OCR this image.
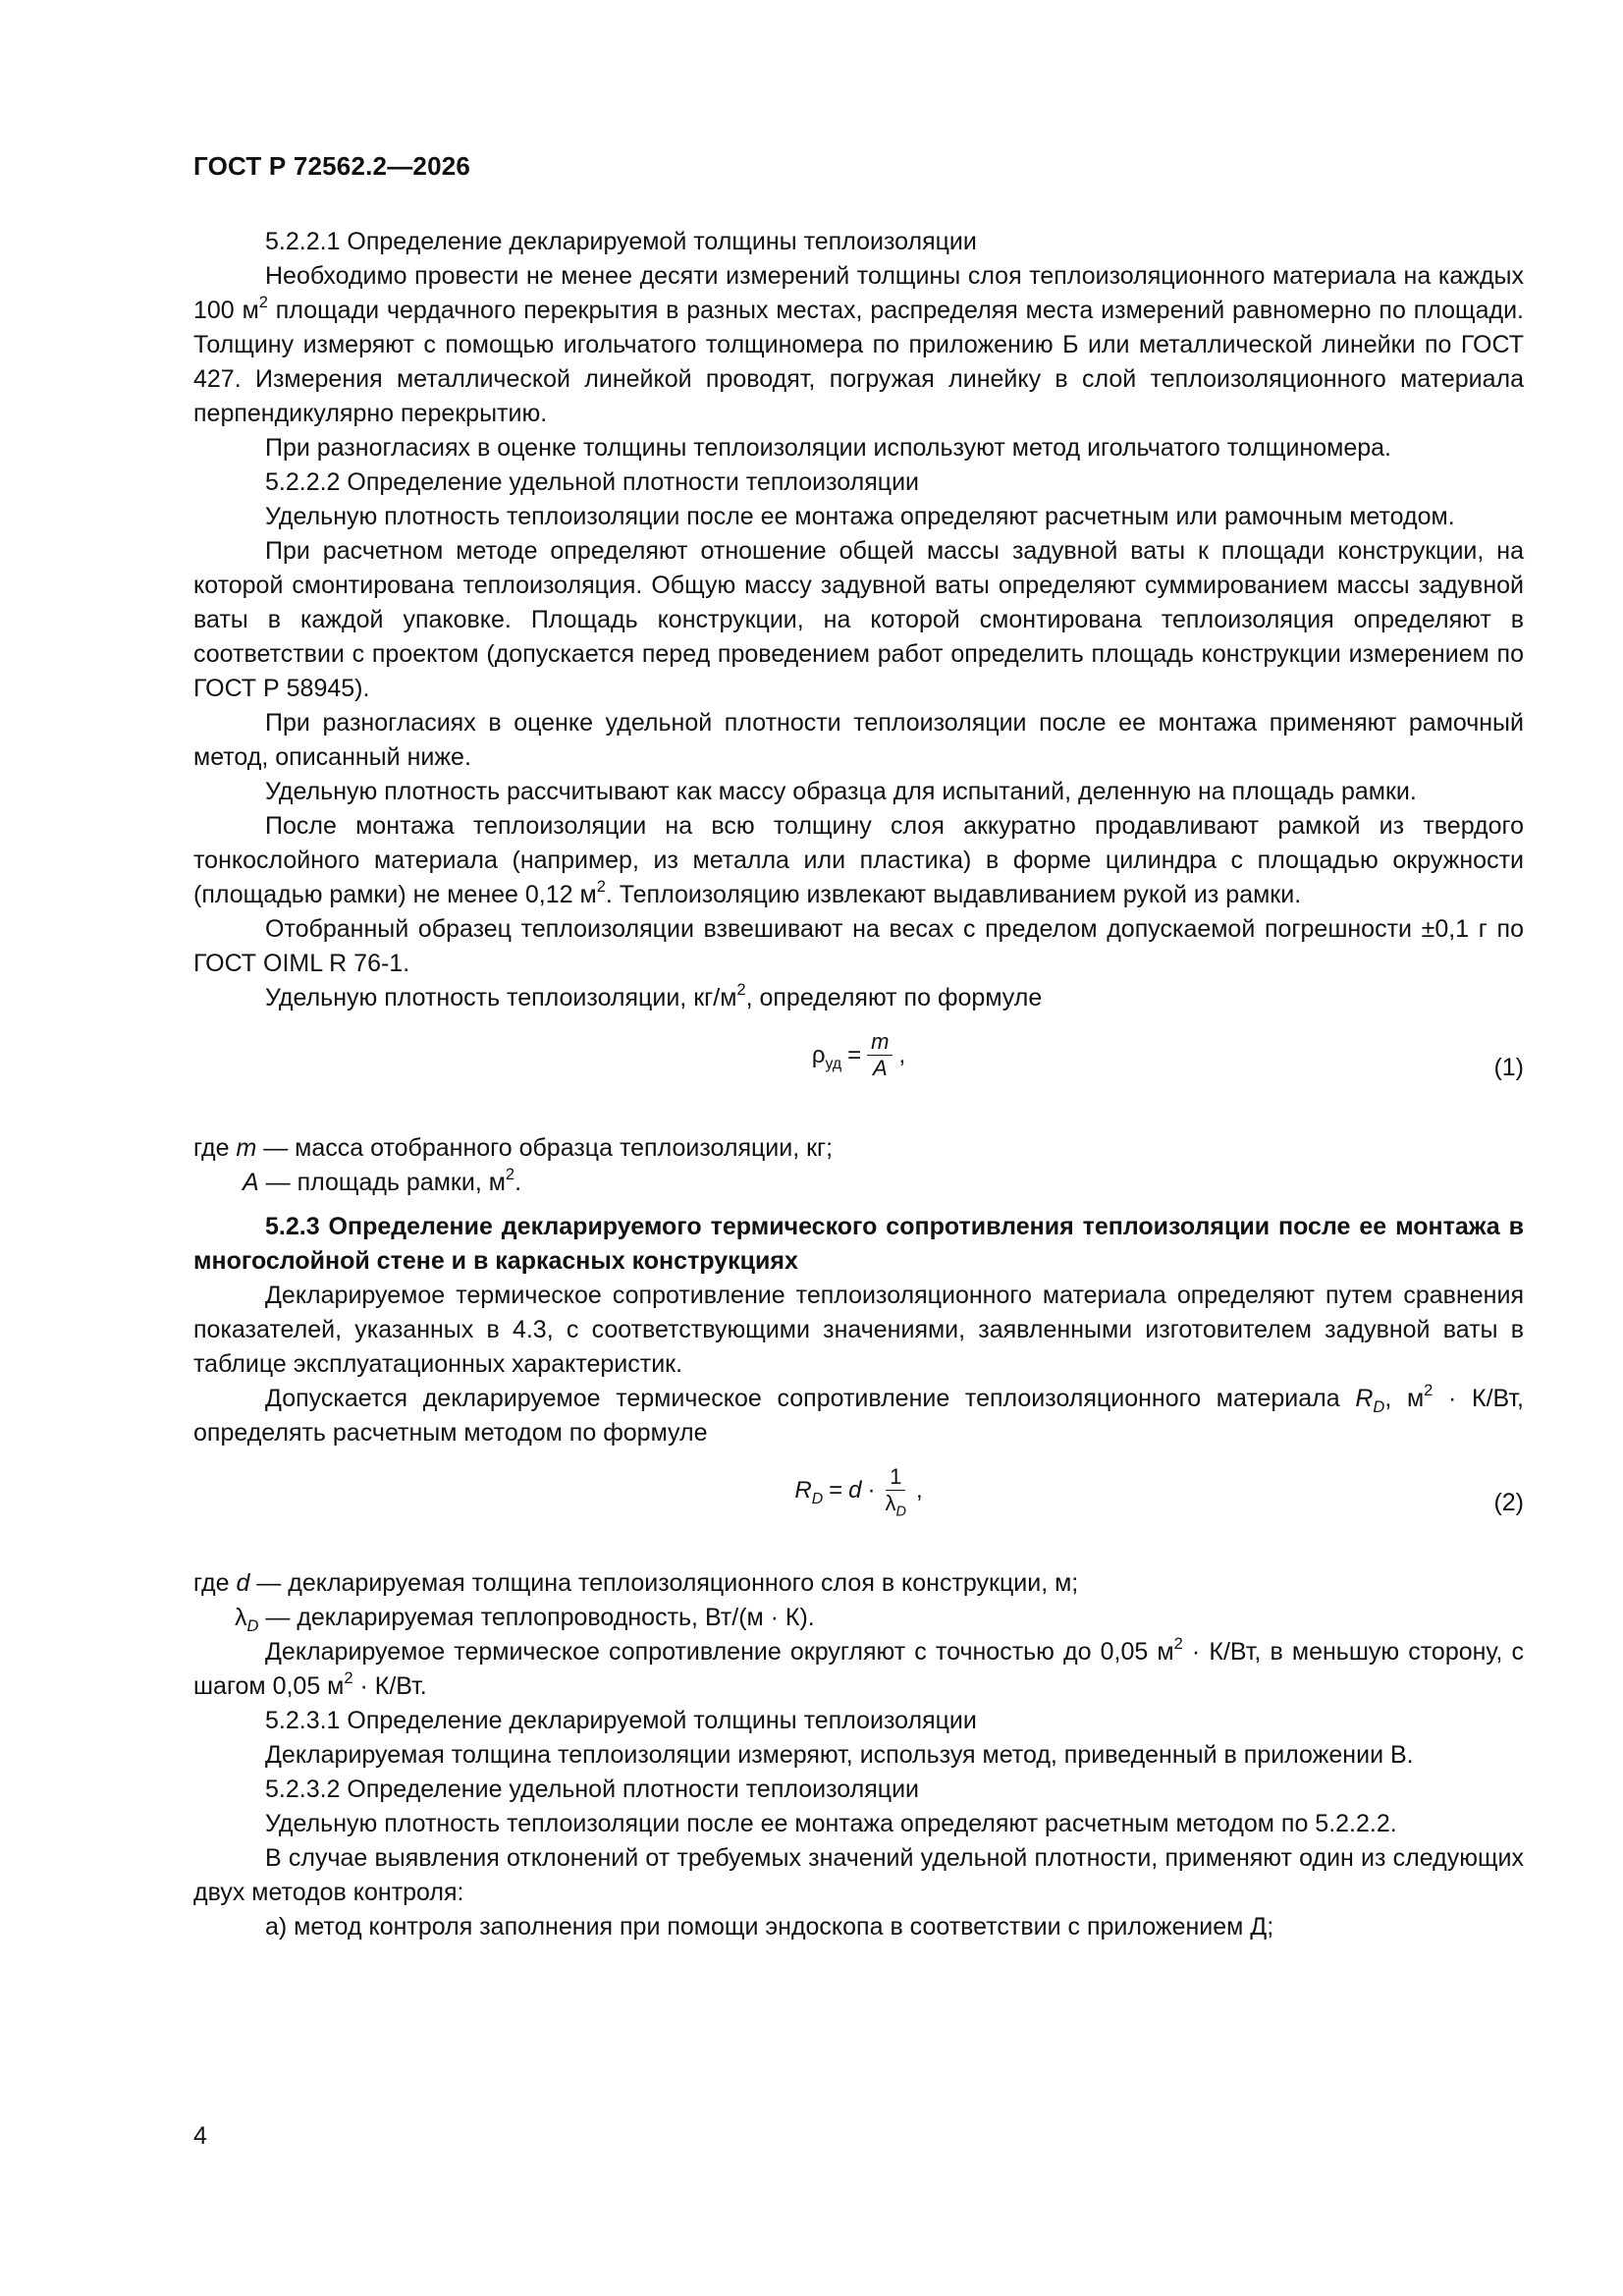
ГОСТ Р 72562.2—2026

5.2.2.1 Определение декларируемой толщины теплоизоляции

Необходимо провести не менее десяти измерений толщины слоя теплоизоляционного материала на каждых 100 $м^2$ площади чердачного перекрытия в разных местах, распределяя места измерений равномерно по площади. Толщину измеряют с помощью игольчатого толщиномера по приложению Б или металлической линейки по ГОСТ 427. Измерения металлической линейкой проводят, погружая линейку в слой теплоизоляционного материала перпендикулярно перекрытию.

При разногласиях в оценке толщины теплоизоляции используют метод игольчатого толщиномера.

5.2.2.2 Определение удельной плотности теплоизоляции

Удельную плотность теплоизоляции после ее монтажа определяют расчетным или рамочным методом.

При расчетном методе определяют отношение общей массы задувной ваты к площади конструкции, на которой смонтирована теплоизоляция. Общую массу задувной ваты определяют суммированием массы задувной ваты в каждой упаковке. Площадь конструкции, на которой смонтирована теплоизоляция определяют в соответствии с проектом (допускается перед проведением работ определить площадь конструкции измерением по ГОСТ Р 58945).

При разногласиях в оценке удельной плотности теплоизоляции после ее монтажа применяют рамочный метод, описанный ниже.

Удельную плотность рассчитывают как массу образца для испытаний, деленную на площадь рамки.

После монтажа теплоизоляции на всю толщину слоя аккуратно продавливают рамкой из твердого тонкослойного материала (например, из металла или пластика) в форме цилиндра с площадью окружности (площадью рамки) не менее 0,12 $м^2$. Теплоизоляцию извлекают выдавливанием рукой из рамки.

Отобранный образец теплоизоляции взвешивают на весах с пределом допускаемой погрешности ±0,1 г по ГОСТ OIML R 76-1.

Удельную плотность теплоизоляции, $кг/м^2$, определяют по формуле

$\rho_{уд} = \frac{m}{A}$ ,	(1)

где m — масса отобранного образца теплоизоляции, кг;

A — площадь рамки, $м^2$.

5.2.3 Определение декларируемого термического сопротивления теплоизоляции после ее монтажа в многослойной стене и в каркасных конструкциях

Декларируемое термическое сопротивление теплоизоляционного материала определяют путем сравнения показателей, указанных в 4.3, с соответствующими значениями, заявленными изготовителем задувной ваты в таблице эксплуатационных характеристик.

Допускается декларируемое термическое сопротивление теплоизоляционного материала $R_D$, $м^2 \cdot К/Вт$, определять расчетным методом по формуле

$R_D = d \cdot \frac{1}{\lambda_D}$ ,	(2)

где d — декларируемая толщина теплоизоляционного слоя в конструкции, м;

$\lambda_D$ — декларируемая теплопроводность, Вт/(м · К).

Декларируемое термическое сопротивление округляют с точностью до 0,05 $м^2 \cdot К/Вт$, в меньшую сторону, с шагом 0,05 $м^2 \cdot К/Вт$.

5.2.3.1 Определение декларируемой толщины теплоизоляции

Декларируемая толщина теплоизоляции измеряют, используя метод, приведенный в приложении В.

5.2.3.2 Определение удельной плотности теплоизоляции

Удельную плотность теплоизоляции после ее монтажа определяют расчетным методом по 5.2.2.2.

В случае выявления отклонений от требуемых значений удельной плотности, применяют один из следующих двух методов контроля:

а) метод контроля заполнения при помощи эндоскопа в соответствии с приложением Д;

4
